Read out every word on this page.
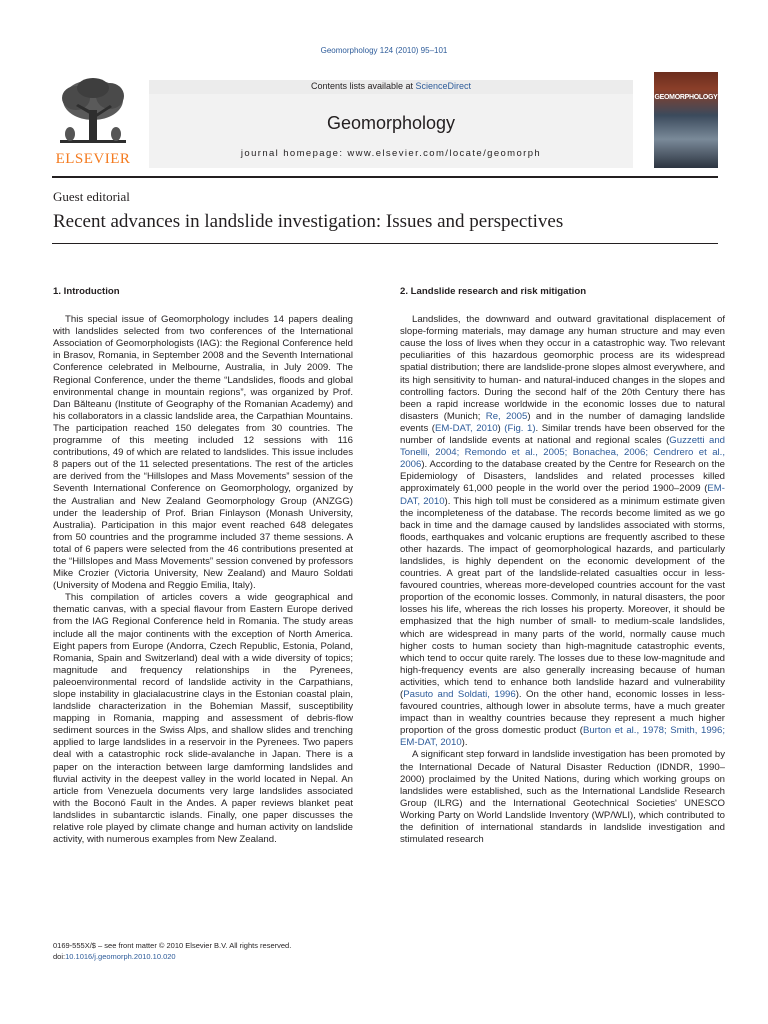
Geomorphology 124 (2010) 95–101
ELSEVIER
Contents lists available at ScienceDirect
Geomorphology
journal homepage: www.elsevier.com/locate/geomorph
GEOMORPHOLOGY
Guest editorial
Recent advances in landslide investigation: Issues and perspectives
1. Introduction

This special issue of Geomorphology includes 14 papers dealing with landslides selected from two conferences of the International Association of Geomorphologists (IAG): the Regional Conference held in Brasov, Romania, in September 2008 and the Seventh International Conference celebrated in Melbourne, Australia, in July 2009. The Regional Conference, under the theme “Landslides, floods and global environmental change in mountain regions”, was organized by Prof. Dan Bălteanu (Institute of Geography of the Romanian Academy) and his collaborators in a classic landslide area, the Carpathian Mountains. The participation reached 150 delegates from 30 countries. The programme of this meeting included 12 sessions with 116 contributions, 49 of which are related to landslides. This issue includes 8 papers out of the 11 selected presentations. The rest of the articles are derived from the “Hillslopes and Mass Movements” session of the Seventh International Conference on Geomorphology, organized by the Australian and New Zealand Geomorphology Group (ANZGG) under the leadership of Prof. Brian Finlayson (Monash University, Australia). Participation in this major event reached 648 delegates from 50 countries and the programme included 37 theme sessions. A total of 6 papers were selected from the 46 contributions presented at the “Hillslopes and Mass Movements” session convened by professors Mike Crozier (Victoria University, New Zealand) and Mauro Soldati (University of Modena and Reggio Emilia, Italy).

This compilation of articles covers a wide geographical and thematic canvas, with a special flavour from Eastern Europe derived from the IAG Regional Conference held in Romania. The study areas include all the major continents with the exception of North America. Eight papers from Europe (Andorra, Czech Republic, Estonia, Poland, Romania, Spain and Switzerland) deal with a wide diversity of topics; magnitude and frequency relationships in the Pyrenees, paleoenvironmental record of landslide activity in the Carpathians, slope instability in glacialacustrine clays in the Estonian coastal plain, landslide characterization in the Bohemian Massif, susceptibility mapping in Romania, mapping and assessment of debris-flow sediment sources in the Swiss Alps, and shallow slides and trenching applied to large landslides in a reservoir in the Pyrenees. Two papers deal with a catastrophic rock slide-avalanche in Japan. There is a paper on the interaction between large damforming landslides and fluvial activity in the deepest valley in the world located in Nepal. An article from Venezuela documents very large landslides associated with the Boconó Fault in the Andes. A paper reviews blanket peat landslides in subantarctic islands. Finally, one paper discusses the relative role played by climate change and human activity on landslide activity, with numerous examples from New Zealand.

2. Landslide research and risk mitigation

Landslides, the downward and outward gravitational displacement of slope-forming materials, may damage any human structure and may even cause the loss of lives when they occur in a catastrophic way. Two relevant peculiarities of this hazardous geomorphic process are its widespread spatial distribution; there are landslide-prone slopes almost everywhere, and its high sensitivity to human- and natural-induced changes in the slopes and controlling factors. During the second half of the 20th Century there has been a rapid increase worldwide in the economic losses due to natural disasters (Munich; Re, 2005) and in the number of damaging landslide events (EM-DAT, 2010) (Fig. 1). Similar trends have been observed for the number of landslide events at national and regional scales (Guzzetti and Tonelli, 2004; Remondo et al., 2005; Bonachea, 2006; Cendrero et al., 2006). According to the database created by the Centre for Research on the Epidemiology of Disasters, landslides and related processes killed approximately 61,000 people in the world over the period 1900–2009 (EM-DAT, 2010). This high toll must be considered as a minimum estimate given the incompleteness of the database. The records become limited as we go back in time and the damage caused by landslides associated with storms, floods, earthquakes and volcanic eruptions are frequently ascribed to these other hazards. The impact of geomorphological hazards, and particularly landslides, is highly dependent on the economic development of the countries. A great part of the landslide-related casualties occur in less-favoured countries, whereas more-developed countries account for the vast proportion of the economic losses. Commonly, in natural disasters, the poor losses his life, whereas the rich losses his property. Moreover, it should be emphasized that the high number of small- to medium-scale landslides, which are widespread in many parts of the world, normally cause much higher costs to human society than high-magnitude catastrophic events, which tend to occur quite rarely. The losses due to these low-magnitude and high-frequency events are also generally increasing because of human activities, which tend to enhance both landslide hazard and vulnerability (Pasuto and Soldati, 1996). On the other hand, economic losses in less-favoured countries, although lower in absolute terms, have a much greater impact than in wealthy countries because they represent a much higher proportion of the gross domestic product (Burton et al., 1978; Smith, 1996; EM-DAT, 2010).

A significant step forward in landslide investigation has been promoted by the International Decade of Natural Disaster Reduction (IDNDR, 1990–2000) proclaimed by the United Nations, during which working groups on landslides were established, such as the International Landslide Research Group (ILRG) and the International Geotechnical Societies' UNESCO Working Party on World Landslide Inventory (WP/WLI), which contributed to the definition of international standards in landslide investigation and stimulated research

0169-555X/$ – see front matter © 2010 Elsevier B.V. All rights reserved.
doi:10.1016/j.geomorph.2010.10.020
